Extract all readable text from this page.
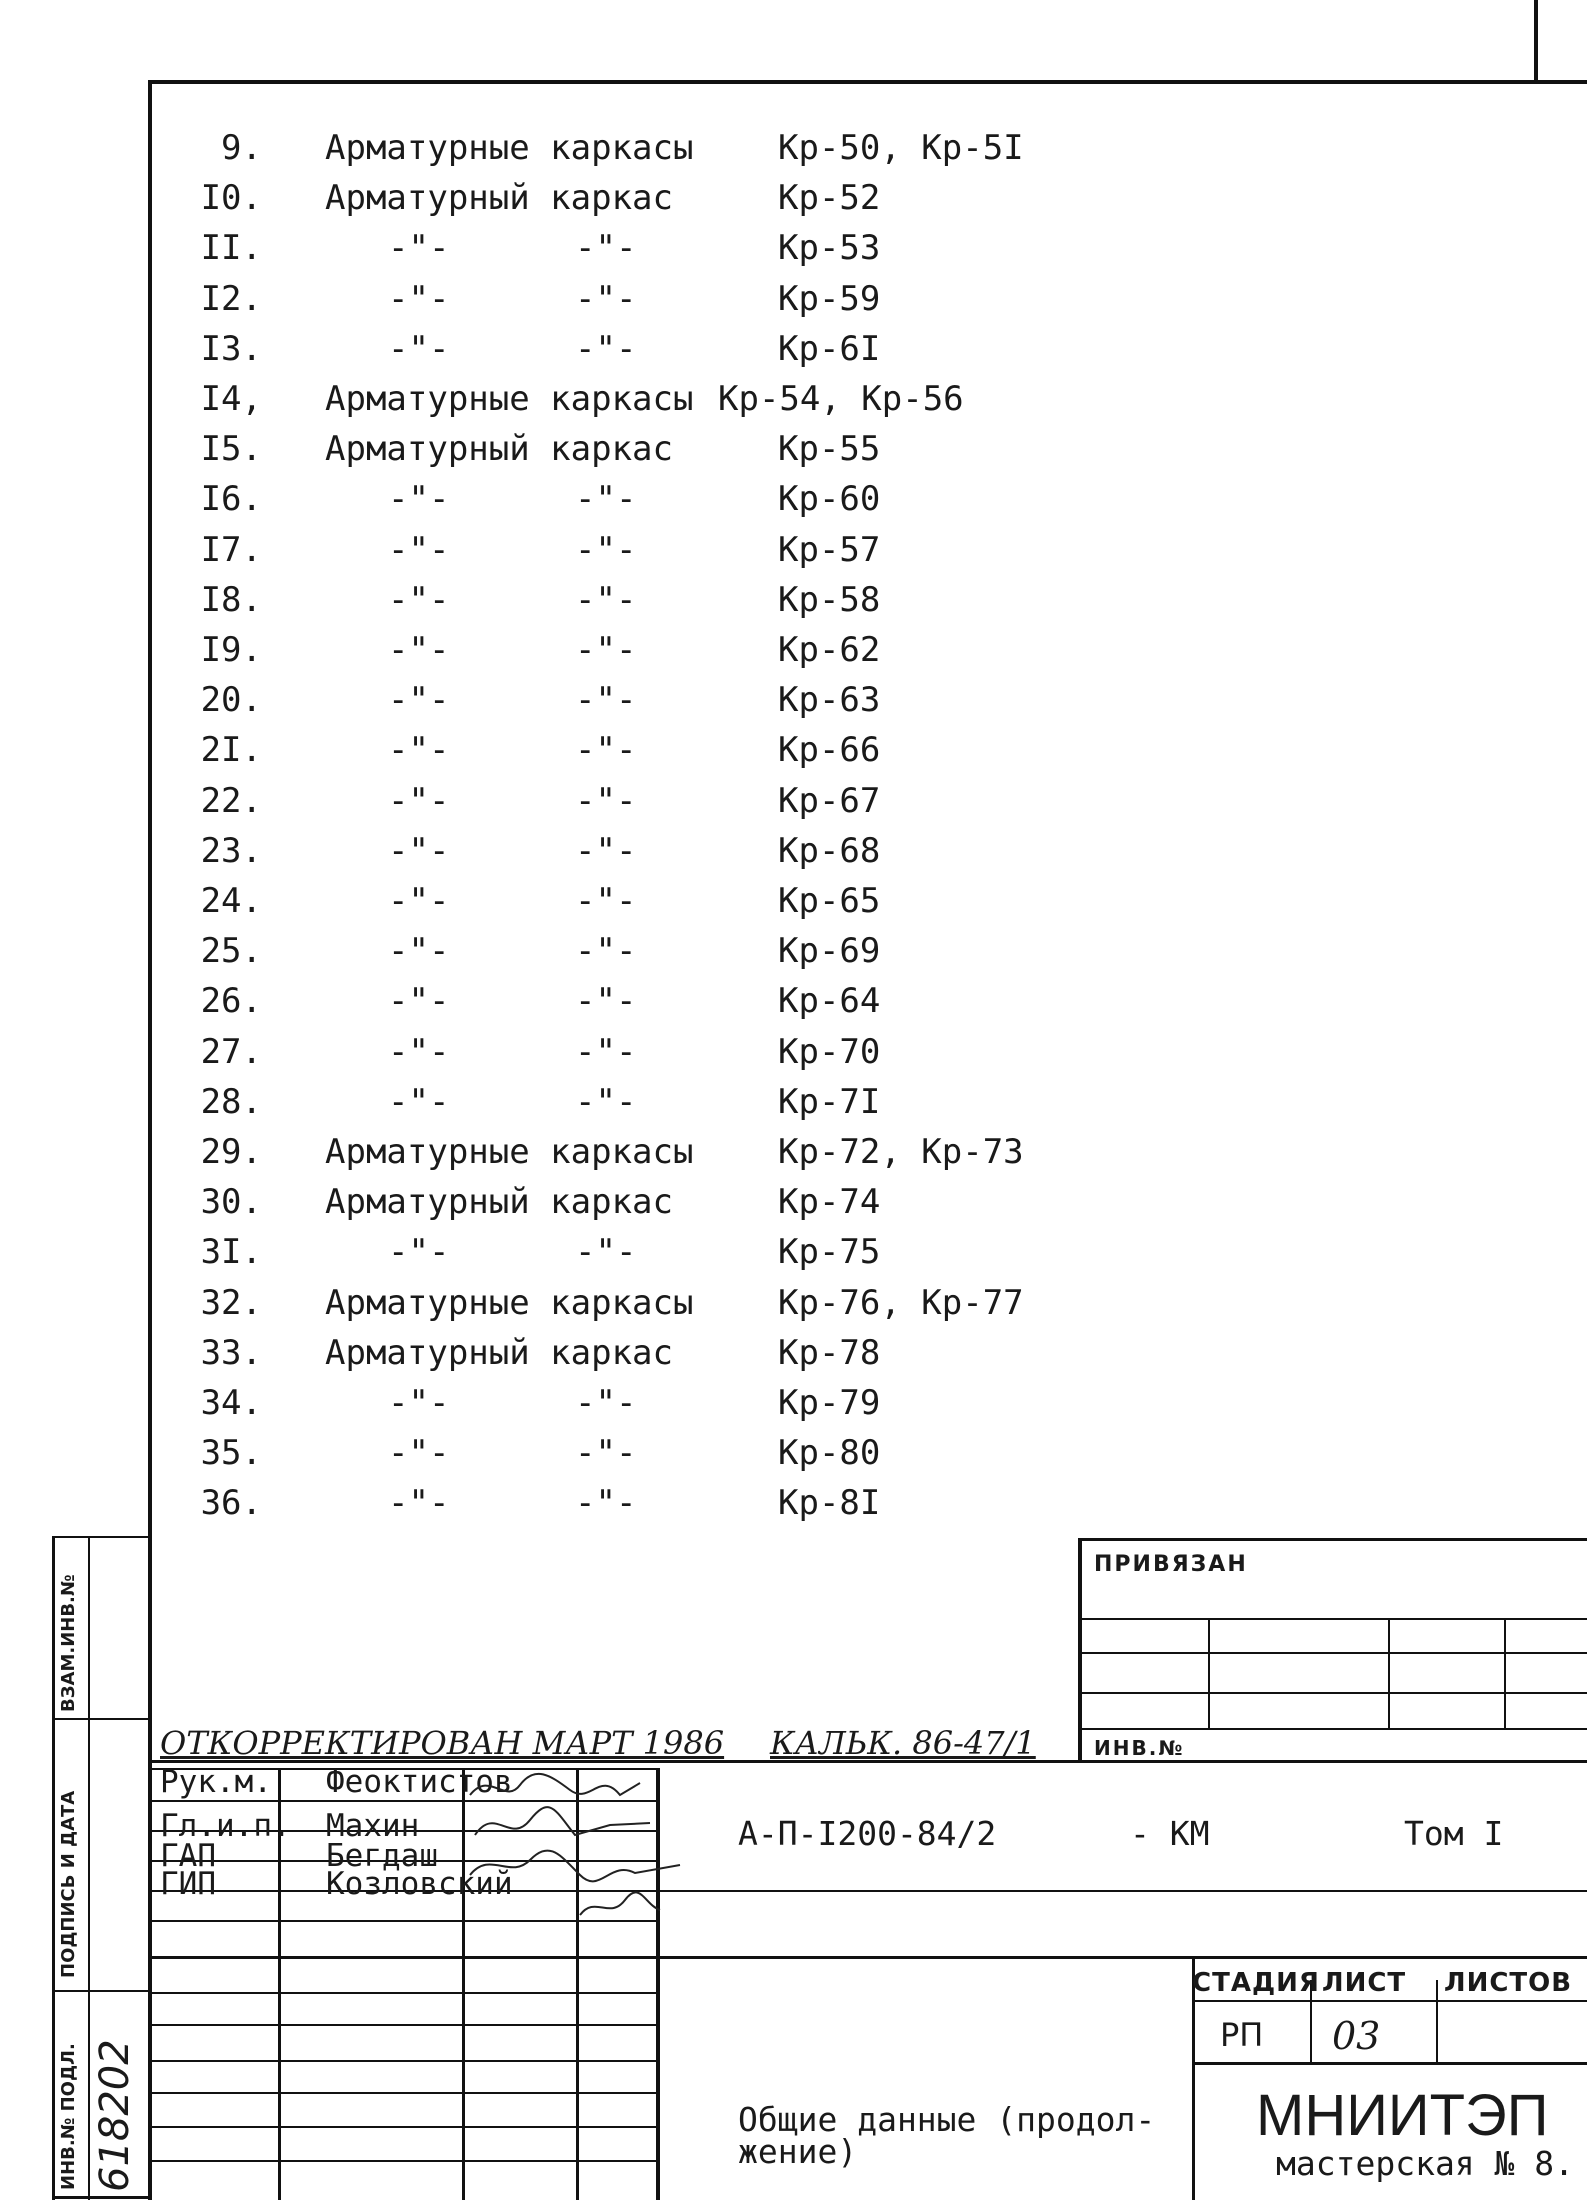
9. Арматурные каркасы Кр-50, Кр-5I
I0. Арматурный каркас	Кр-52
II.	-"-	-"-	Кр-53
I2.	-"-	-"-	Кр-59
I3.	-"-	-"-	Кр-6I
I4, Арматурные каркасы Кр-54, Кр-56
I5. Арматурный каркас	Кр-55
I6.	-"-	-"-	Кр-60
I7.	-"-	-"-	Кр-57
I8.	-"-	-"-	Кр-58
I9.	-"-	-"-	Кр-62
20.	-"-	-"-	Кр-63
2I.	-"-	-"-	Кр-66
22.	-"-	-"-	Кр-67
23.	-"-	-"-	Кр-68
24.	-"-	-"-	Кр-65
25.	-"-	-"-	Кр-69
26.	-"-	-"-	Кр-64
27.	-"-	-"-	Кр-70
28.	-"-	-"-	Кр-7I
29. Арматурные каркасы Кр-72, Кр-73
30. Арматурный каркас	Кр-74
3I.	-"-	-"-	Кр-75
32. Арматурные каркасы Кр-76, Кр-77
33. Арматурный каркас	Кр-78
34.	-"-	-"-	Кр-79
35.	-"-	-"-	Кр-80
36.	-"-	-"-	Кр-8I
ПРИВЯЗАН
ИНВ.№
ОТКОРРЕКТИРОВАН МАРТ 1986 КАЛЬК. 86-47/1
Рук.м. Феоктистов
Гл.и.п. Махин
ГАП	Бегдаш
ГИП	Козловский
А-П-I200-84/2	- КМ	Том I
СТАДИЯ ЛИСТ ЛИСТОВ
РП 03
Общие данные (продол-
жение)
МНИИТЭП
мастерская № 8.
ВЗАМ.ИНВ.№
ПОДПИСЬ И ДАТА
ИНВ.№ ПОДЛ. 618202
